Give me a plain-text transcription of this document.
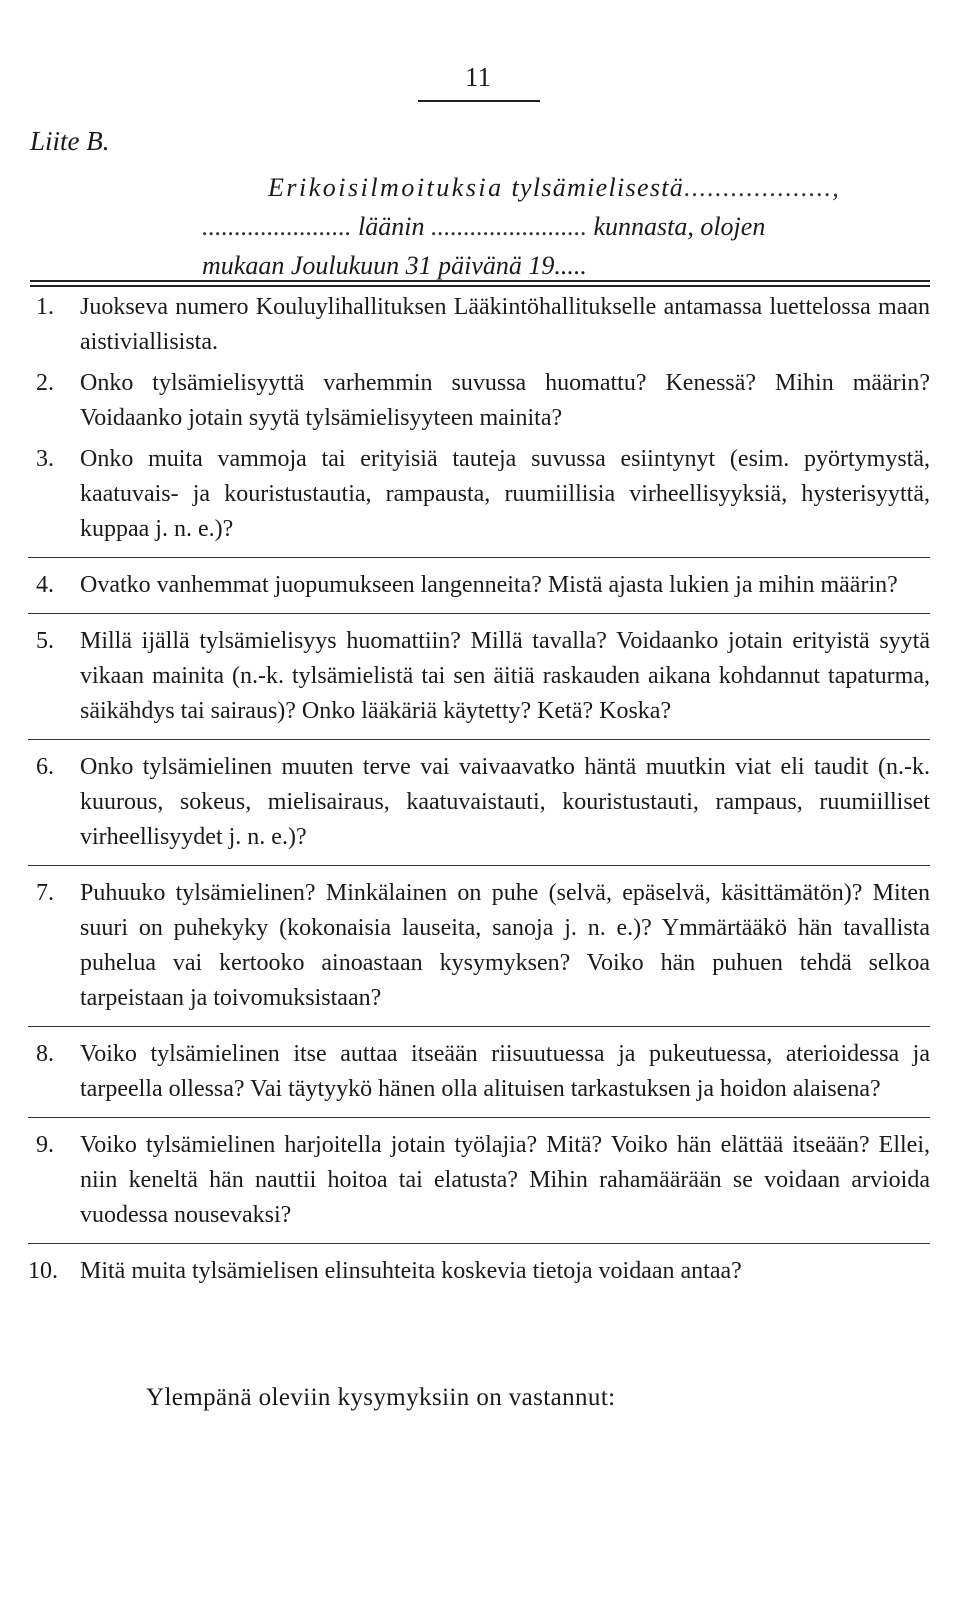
11
Liite B.
Erikoisilmoituksia tylsämielisestä...................,
....................... läänin ........................ kunnasta, olojen
mukaan Joulukuun 31 päivänä 19.....
1.	Juokseva numero Kouluylihallituksen Lääkintöhallitukselle antamassa luettelossa maan aistiviallisista.
2.	Onko tylsämielisyyttä varhemmin suvussa huomattu? Kenessä? Mihin määrin? Voidaanko jotain syytä tylsämielisyyteen mainita?
3.	Onko muita vammoja tai erityisiä tauteja suvussa esiintynyt (esim. pyörtymystä, kaatuvais- ja kouristustautia, rampausta, ruumiillisia virheellisyyksiä, hysterisyyttä, kuppaa j. n. e.)?
4.	Ovatko vanhemmat juopumukseen langenneita? Mistä ajasta lukien ja mihin määrin?
5.	Millä ijällä tylsämielisyys huomattiin? Millä tavalla? Voidaanko jotain erityistä syytä vikaan mainita (n.-k. tylsämielistä tai sen äitiä raskauden aikana kohdannut tapaturma, säikähdys tai sairaus)? Onko lääkäriä käytetty? Ketä? Koska?
6.	Onko tylsämielinen muuten terve vai vaivaavatko häntä muutkin viat eli taudit (n.-k. kuurous, sokeus, mielisairaus, kaatuvaistauti, kouristustauti, rampaus, ruumiilliset virheellisyydet j. n. e.)?
7.	Puhuuko tylsämielinen? Minkälainen on puhe (selvä, epäselvä, käsittämätön)? Miten suuri on puhekyky (kokonaisia lauseita, sanoja j. n. e.)? Ymmärtääkö hän tavallista puhelua vai kertooko ainoastaan kysymyksen? Voiko hän puhuen tehdä selkoa tarpeistaan ja toivomuksistaan?
8.	Voiko tylsämielinen itse auttaa itseään riisuutuessa ja pukeutuessa, aterioidessa ja tarpeella ollessa? Vai täytyykö hänen olla alituisen tarkastuksen ja hoidon alaisena?
9.	Voiko tylsämielinen harjoitella jotain työlajia? Mitä? Voiko hän elättää itseään? Ellei, niin keneltä hän nauttii hoitoa tai elatusta? Mihin rahamäärään se voidaan arvioida vuodessa nousevaksi?
10. Mitä muita tylsämielisen elinsuhteita koskevia tietoja voidaan antaa?
Ylempänä oleviin kysymyksiin on vastannut:
